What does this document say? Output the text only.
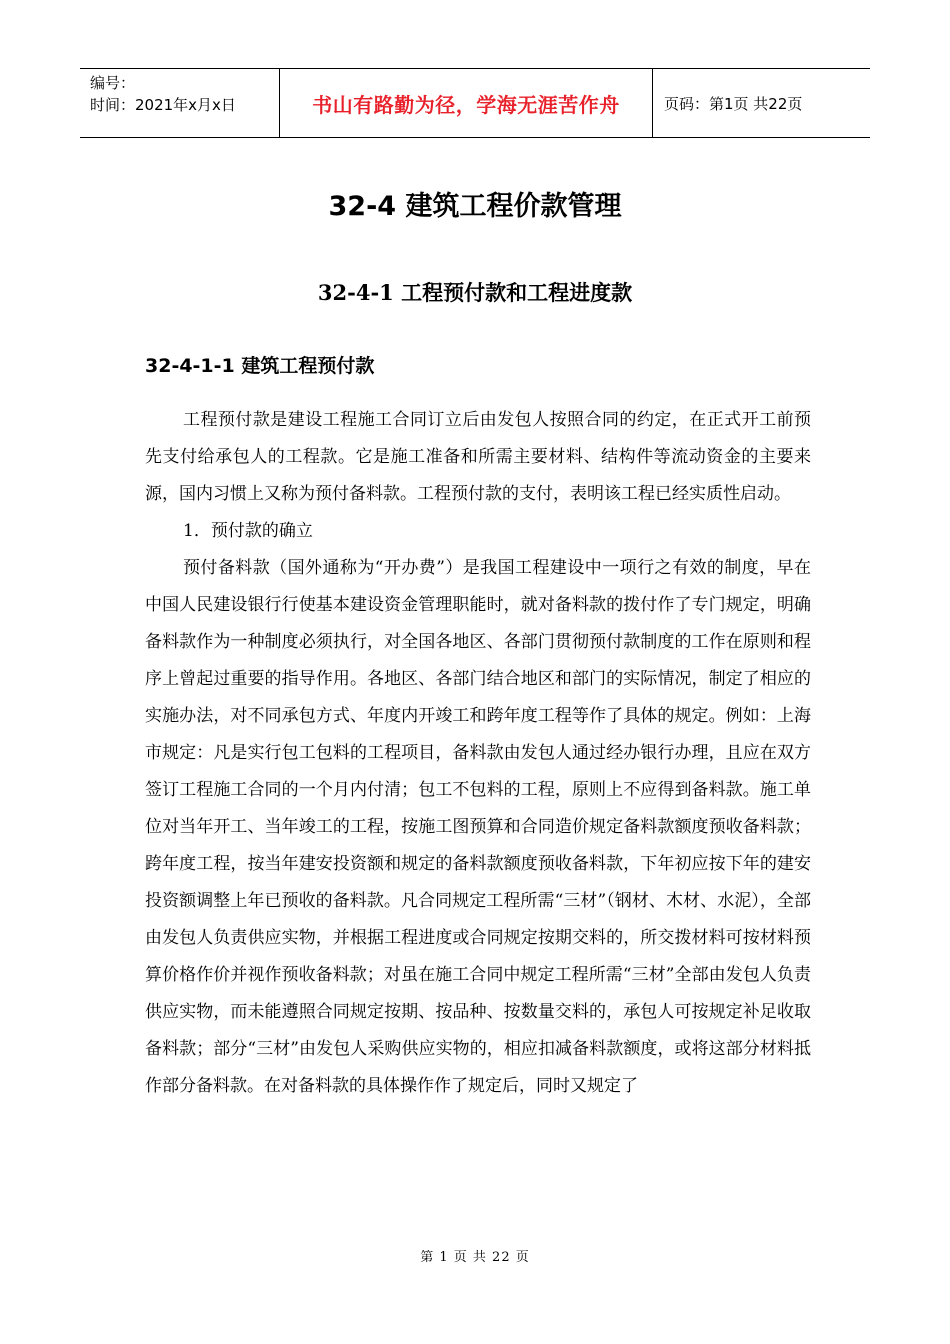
编号：
时间：2021年x月x日	书山有路勤为径，学海无涯苦作舟	页码：第1页 共22页
32-4 建筑工程价款管理
32-4-1 工程预付款和工程进度款
32-4-1-1 建筑工程预付款

工程预付款是建设工程施工合同订立后由发包人按照合同的约定，在正式开工前预先支付给承包人的工程款。它是施工准备和所需主要材料、结构件等流动资金的主要来源，国内习惯上又称为预付备料款。工程预付款的支付，表明该工程已经实质性启动。

1．预付款的确立

预付备料款（国外通称为“开办费”）是我国工程建设中一项行之有效的制度，早在中国人民建设银行行使基本建设资金管理职能时，就对备料款的拨付作了专门规定，明确备料款作为一种制度必须执行，对全国各地区、各部门贯彻预付款制度的工作在原则和程序上曾起过重要的指导作用。各地区、各部门结合地区和部门的实际情况，制定了相应的实施办法，对不同承包方式、年度内开竣工和跨年度工程等作了具体的规定。例如：上海市规定：凡是实行包工包料的工程项目，备料款由发包人通过经办银行办理，且应在双方签订工程施工合同的一个月内付清；包工不包料的工程，原则上不应得到备料款。施工单位对当年开工、当年竣工的工程，按施工图预算和合同造价规定备料款额度预收备料款；跨年度工程，按当年建安投资额和规定的备料款额度预收备料款，下年初应按下年的建安投资额调整上年已预收的备料款。凡合同规定工程所需“三材”（钢材、木材、水泥），全部由发包人负责供应实物，并根据工程进度或合同规定按期交料的，所交拨材料可按材料预算价格作价并视作预收备料款；对虽在施工合同中规定工程所需“三材”全部由发包人负责供应实物，而未能遵照合同规定按期、按品种、按数量交料的，承包人可按规定补足收取备料款；部分“三材”由发包人采购供应实物的，相应扣减备料款额度，或将这部分材料抵作部分备料款。在对备料款的具体操作作了规定后，同时又规定了

第 1 页 共 22 页
